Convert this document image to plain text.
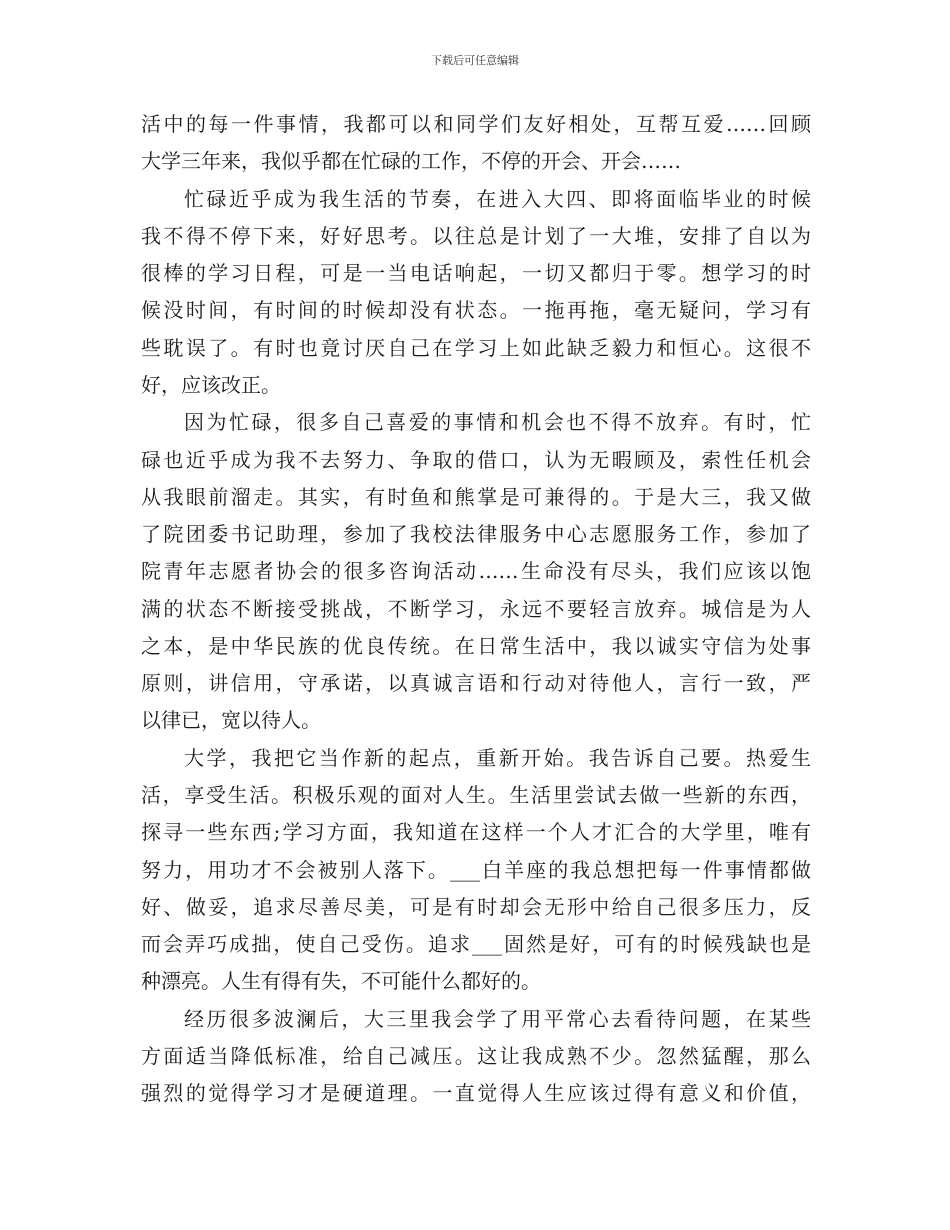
下载后可任意编辑
活中的每一件事情，我都可以和同学们友好相处，互帮互爱……回顾
大学三年来，我似乎都在忙碌的工作，不停的开会、开会……
忙碌近乎成为我生活的节奏，在进入大四、即将面临毕业的时候
我不得不停下来，好好思考。以往总是计划了一大堆，安排了自以为
很棒的学习日程，可是一当电话响起，一切又都归于零。想学习的时
候没时间，有时间的时候却没有状态。一拖再拖，毫无疑问，学习有
些耽误了。有时也竟讨厌自己在学习上如此缺乏毅力和恒心。这很不
好，应该改正。
因为忙碌，很多自己喜爱的事情和机会也不得不放弃。有时，忙
碌也近乎成为我不去努力、争取的借口，认为无暇顾及，索性任机会
从我眼前溜走。其实，有时鱼和熊掌是可兼得的。于是大三，我又做
了院团委书记助理，参加了我校法律服务中心志愿服务工作，参加了
院青年志愿者协会的很多咨询活动……生命没有尽头，我们应该以饱
满的状态不断接受挑战，不断学习，永远不要轻言放弃。城信是为人
之本，是中华民族的优良传统。在日常生活中，我以诚实守信为处事
原则，讲信用，守承诺，以真诚言语和行动对待他人，言行一致，严
以律已，宽以待人。
大学，我把它当作新的起点，重新开始。我告诉自己要。热爱生
活，享受生活。积极乐观的面对人生。生活里尝试去做一些新的东西，
探寻一些东西;学习方面，我知道在这样一个人才汇合的大学里，唯有
努力，用功才不会被别人落下。___白羊座的我总想把每一件事情都做
好、做妥，追求尽善尽美，可是有时却会无形中给自己很多压力，反
而会弄巧成拙，使自己受伤。追求___固然是好，可有的时候残缺也是
种漂亮。人生有得有失，不可能什么都好的。
经历很多波澜后，大三里我会学了用平常心去看待问题，在某些
方面适当降低标准，给自己减压。这让我成熟不少。忽然猛醒，那么
强烈的觉得学习才是硬道理。一直觉得人生应该过得有意义和价值，
